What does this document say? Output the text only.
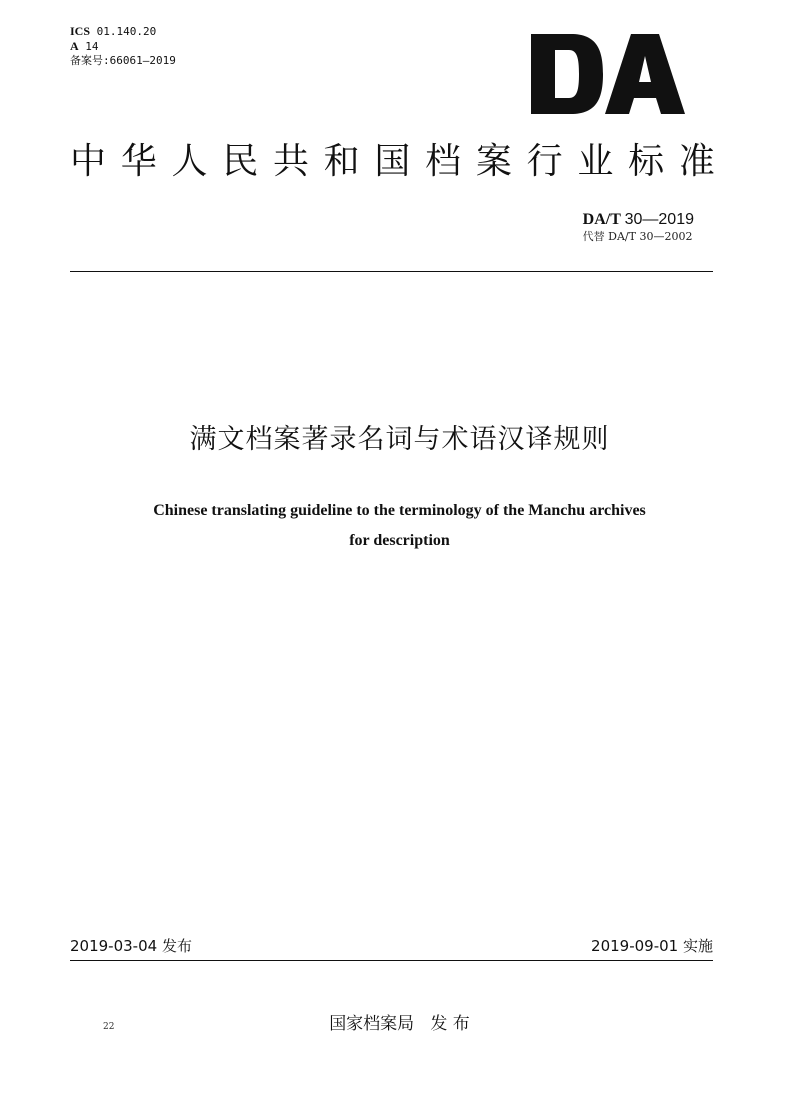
ICS 01.140.20
A 14
备案号:66061—2019
中 华 人 民 共 和 国 档 案 行 业 标 准
DA/T 30—2019
代替 DA/T 30—2002
满文档案著录名词与术语汉译规则
Chinese translating guideline to the terminology of the Manchu archives
for description
2019-03-04 发布	2019-09-01 实施
22	国家档案局   发 布
